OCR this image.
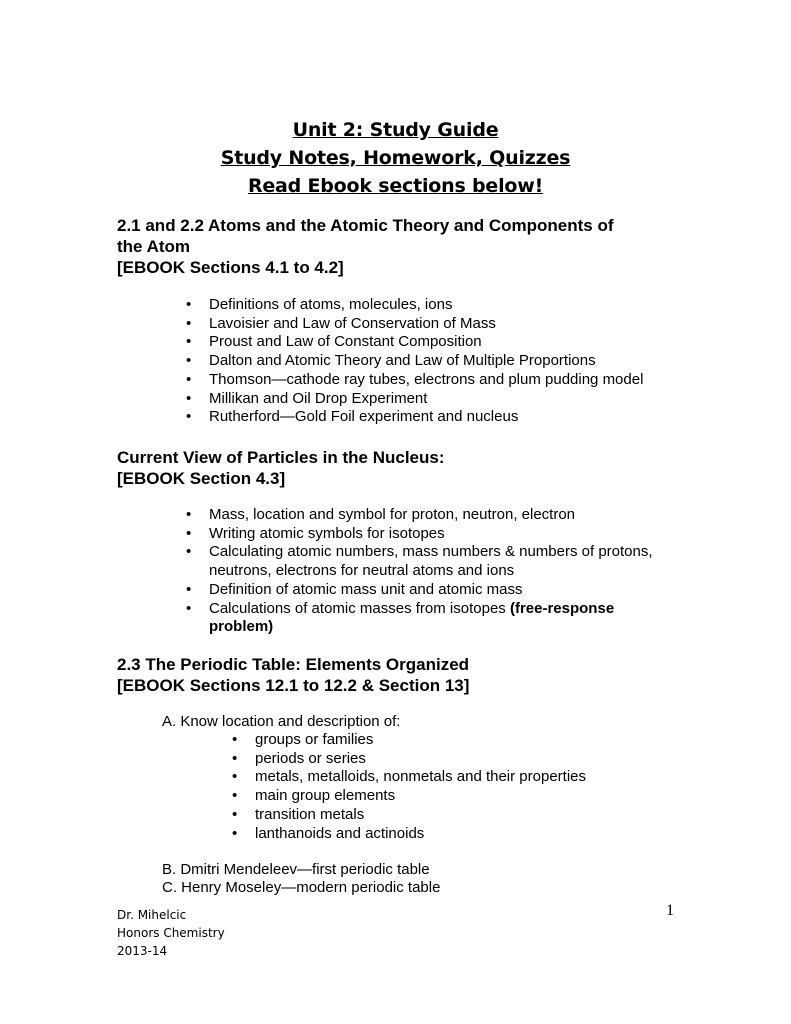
Unit 2: Study Guide
Study Notes, Homework, Quizzes
Read Ebook sections below!
2.1 and 2.2 Atoms and the Atomic Theory and Components of
the Atom
[EBOOK Sections 4.1 to 4.2]
• Definitions of atoms, molecules, ions
• Lavoisier and Law of Conservation of Mass
• Proust and Law of Constant Composition
• Dalton and Atomic Theory and Law of Multiple Proportions
• Thomson—cathode ray tubes, electrons and plum pudding model
• Millikan and Oil Drop Experiment
• Rutherford—Gold Foil experiment and nucleus
Current View of Particles in the Nucleus:
[EBOOK Section 4.3]
• Mass, location and symbol for proton, neutron, electron
• Writing atomic symbols for isotopes
• Calculating atomic numbers, mass numbers & numbers of protons, neutrons, electrons for neutral atoms and ions
• Definition of atomic mass unit and atomic mass
• Calculations of atomic masses from isotopes (free-response problem)
2.3 The Periodic Table: Elements Organized
[EBOOK Sections 12.1 to 12.2 & Section 13]
A. Know location and description of:
• groups or families
• periods or series
• metals, metalloids, nonmetals and their properties
• main group elements
• transition metals
• lanthanoids and actinoids
B. Dmitri Mendeleev—first periodic table
C. Henry Moseley—modern periodic table
Dr. Mihelcic
Honors Chemistry
2013-14
1
